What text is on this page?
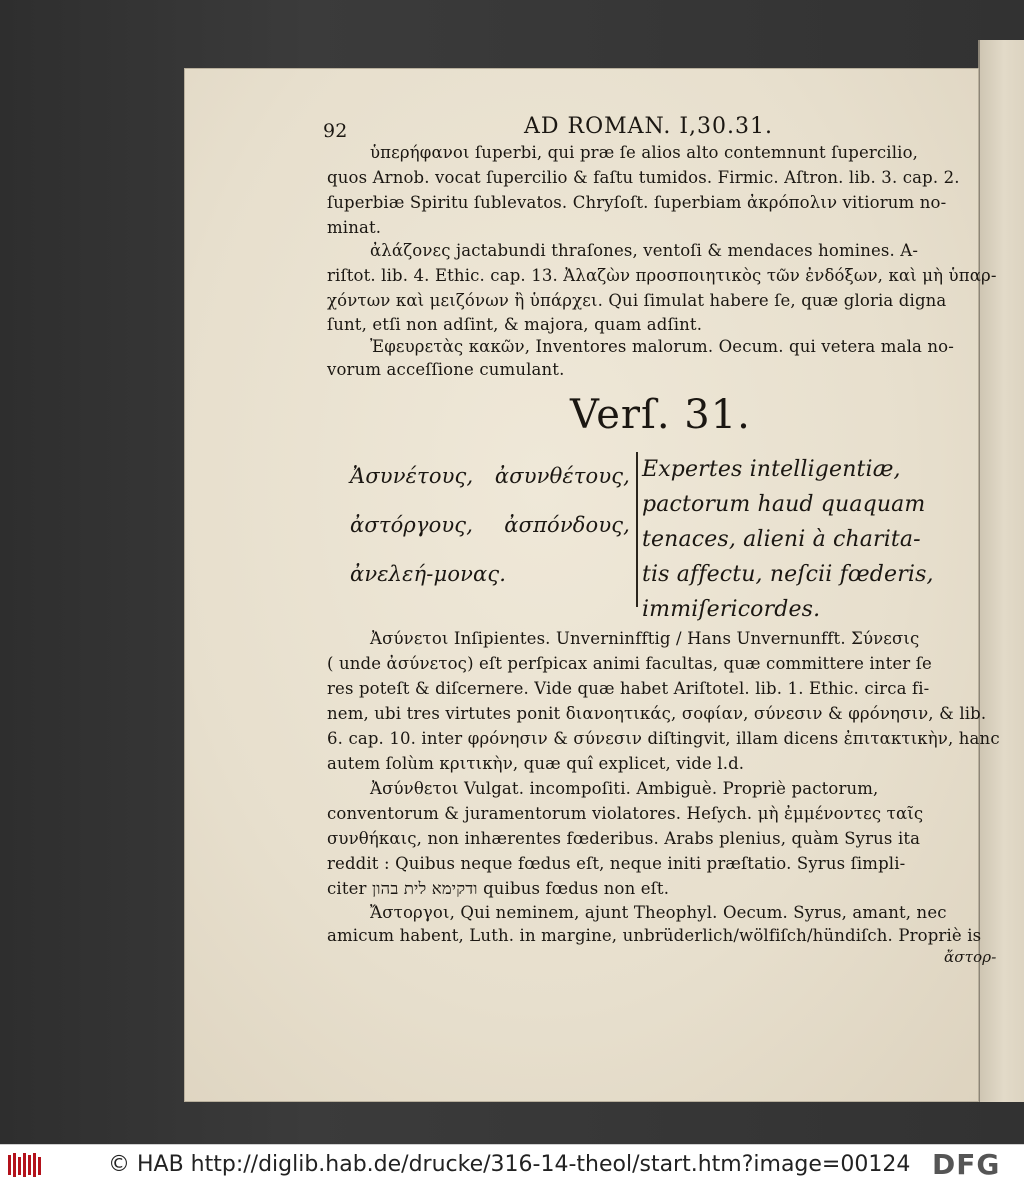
92	AD ROMAN. I,30.31.
ὑπερήφανοι ſuperbi, qui præ ſe alios alto contemnunt ſupercilio,
quos Arnob. vocat ſupercilio & faſtu tumidos. Firmic. Aſtron. lib. 3. cap. 2.
ſuperbiæ Spiritu ſublevatos. Chryſoſt. ſuperbiam ἀκρόπολιν vitiorum no-
minat.
ἀλάζονες jactabundi thraſones, ventoſi & mendaces homines. A-
riſtot. lib. 4. Ethic. cap. 13. Ἀλαζὼν προσποιητικὸς τῶν ἐνδόξων, καὶ μὴ ὑπαρ-
χόντων καὶ μειζόνων ἢ ὑπάρχει. Qui ſimulat habere ſe, quæ gloria digna
ſunt, etſi non adſint, & majora, quam adſint.
Ἐφευρετὰς κακῶν, Inventores malorum. Oecum. qui vetera mala no-
vorum acceſſione cumulant.
Verſ. 31.
Ἀσυνέτους, ἀσυνθέτους, ἀστόργους, ἀσπόνδους, ἀνελεή-μονας.
Expertes intelligentiæ,
pactorum haud quaquam
tenaces, alieni à charita-
tis affectu, neſcii fœderis,
immiſericordes.
Ἀσύνετοι Inſipientes. Unverninfftig / Hans Unvernunfft. Σύνεσις
( unde ἀσύνετος) eſt perſpicax animi facultas, quæ committere inter ſe
res poteſt & diſcernere. Vide quæ habet Ariſtotel. lib. 1. Ethic. circa fi-
nem, ubi tres virtutes ponit διανοητικάς, σοφίαν, σύνεσιν & φρόνησιν, & lib.
6. cap. 10. inter φρόνησιν & σύνεσιν diſtingvit, illam dicens ἐπιτακτικὴν, hanc
autem ſolùm κριτικὴν, quæ quî explicet, vide l.d.
Ἀσύνθετοι Vulgat. incompoſiti. Ambiguè. Propriè pactorum,
conventorum & juramentorum violatores. Heſych. μὴ ἐμμένοντες ταῖς
συνθήκαις, non inhærentes fœderibus. Arabs plenius, quàm Syrus ita
reddit : Quibus neque fœdus eſt, neque initi præſtatio. Syrus ſimpli-
citer ודקימא לית בהון quibus fœdus non eſt.
Ἄστοργοι, Qui neminem, ajunt Theophyl. Oecum. Syrus, amant, nec
amicum habent, Luth. in margine, unbrüderlich/wölfiſch/hündiſch. Propriè is
ἄστορ-
© HAB http://diglib.hab.de/drucke/316-14-theol/start.htm?image=00124 DFG
